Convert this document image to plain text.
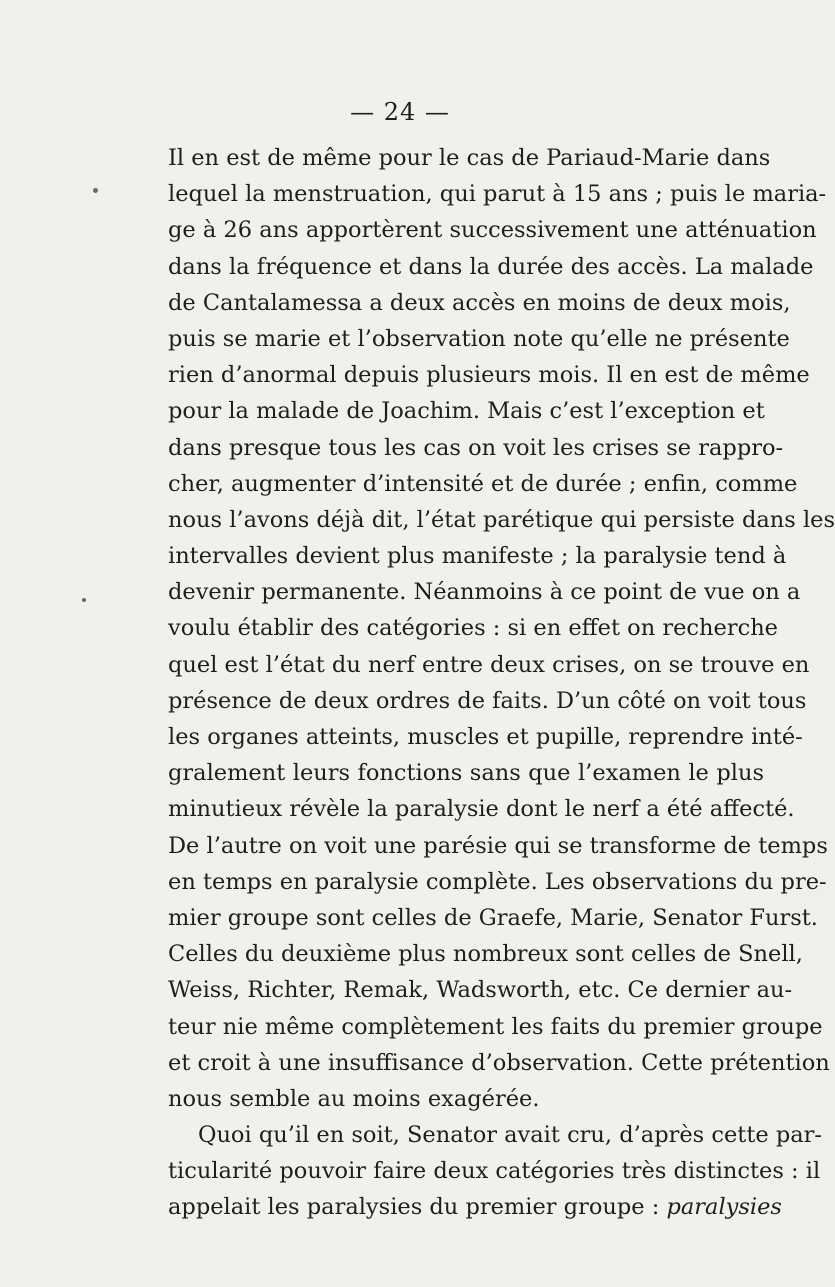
— 24 —
Il en est de même pour le cas de Pariaud-Marie dans
lequel la menstruation, qui parut à 15 ans ; puis le maria-
ge à 26 ans apportèrent successivement une atténuation
dans la fréquence et dans la durée des accès. La malade
de Cantalamessa a deux accès en moins de deux mois,
puis se marie et l’observation note qu’elle ne présente
rien d’anormal depuis plusieurs mois. Il en est de même
pour la malade de Joachim. Mais c’est l’exception et
dans presque tous les cas on voit les crises se rappro-
cher, augmenter d’intensité et de durée ; enfin, comme
nous l’avons déjà dit, l’état parétique qui persiste dans les
intervalles devient plus manifeste ; la paralysie tend à
devenir permanente. Néanmoins à ce point de vue on a
voulu établir des catégories : si en effet on recherche
quel est l’état du nerf entre deux crises, on se trouve en
présence de deux ordres de faits. D’un côté on voit tous
les organes atteints, muscles et pupille, reprendre inté-
gralement leurs fonctions sans que l’examen le plus
minutieux révèle la paralysie dont le nerf a été affecté.
De l’autre on voit une parésie qui se transforme de temps
en temps en paralysie complète. Les observations du pre-
mier groupe sont celles de Graefe, Marie, Senator Furst.
Celles du deuxième plus nombreux sont celles de Snell,
Weiss, Richter, Remak, Wadsworth, etc. Ce dernier au-
teur nie même complètement les faits du premier groupe
et croit à une insuffisance d’observation. Cette prétention
nous semble au moins exagérée.
Quoi qu’il en soit, Senator avait cru, d’après cette par-
ticularité pouvoir faire deux catégories très distinctes : il
appelait les paralysies du premier groupe : paralysies
